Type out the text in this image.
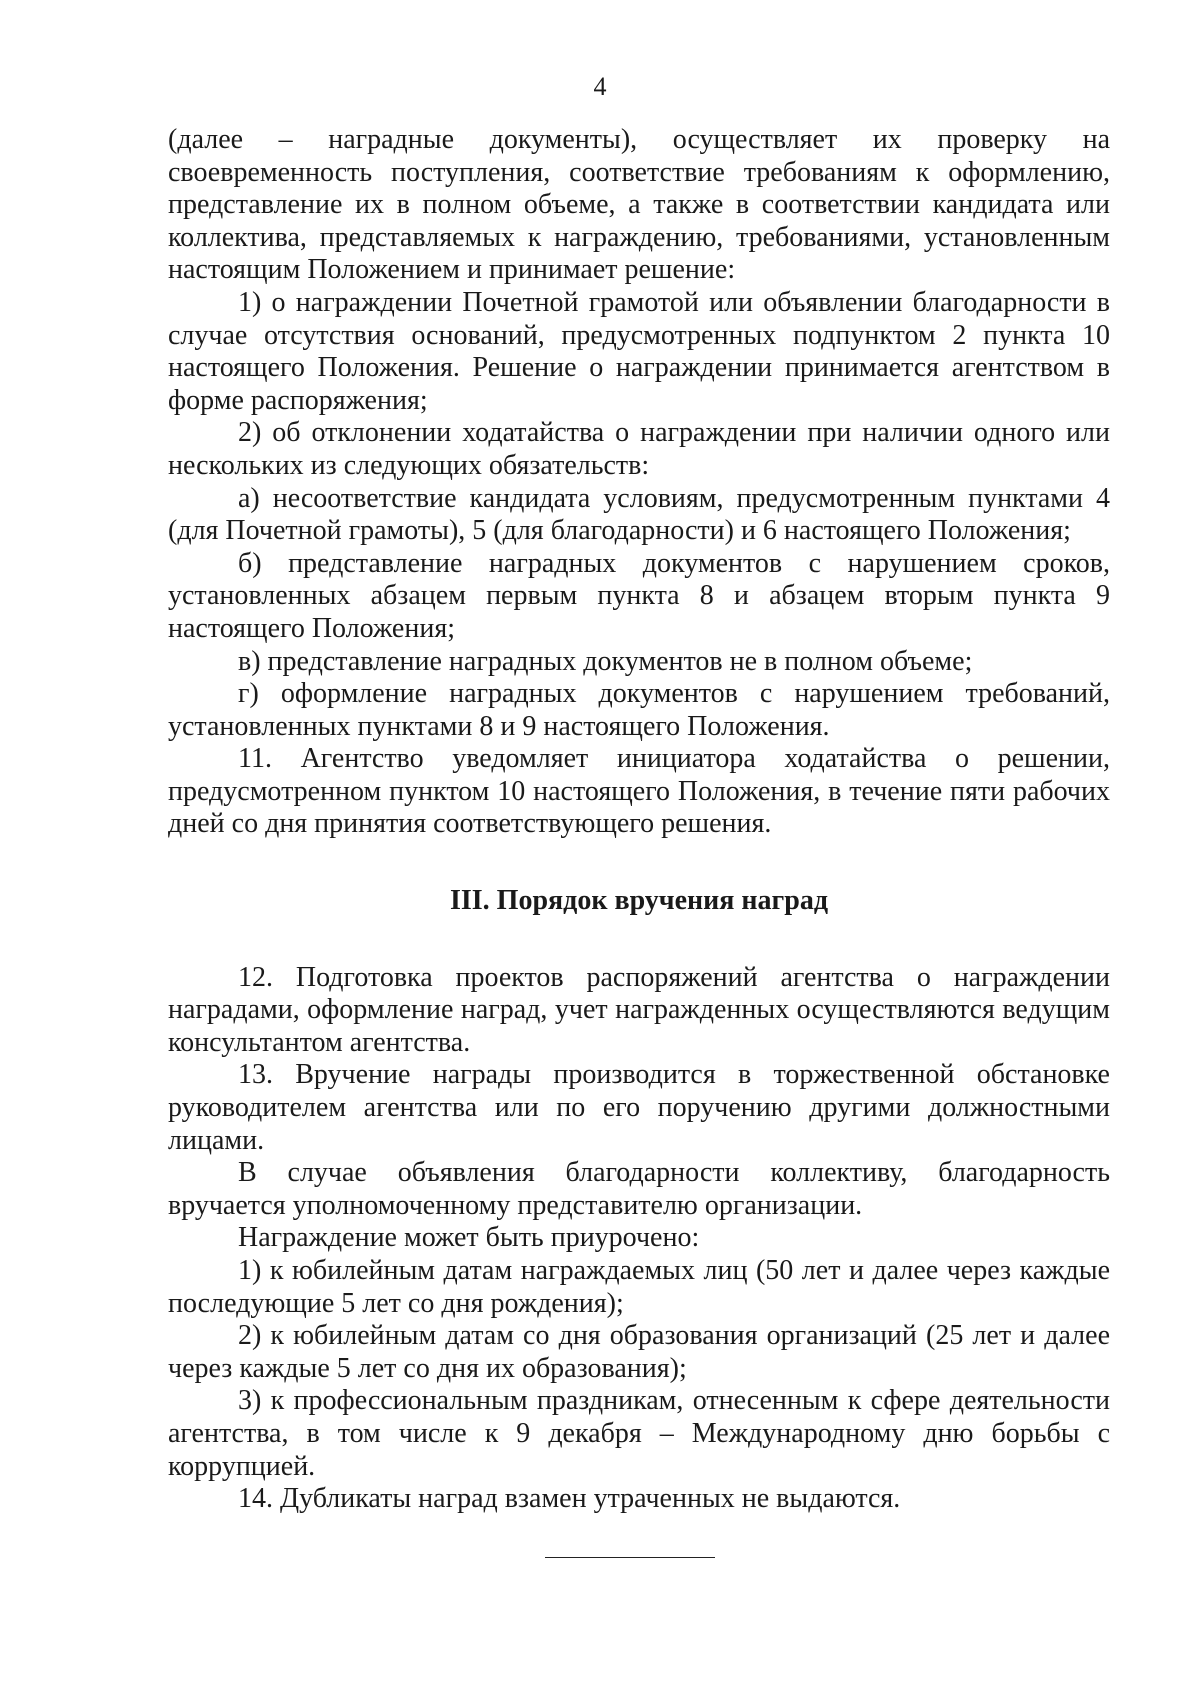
4

(далее – наградные документы), осуществляет их проверку на своевременность поступления, соответствие требованиям к оформлению, представление их в полном объеме, а также в соответствии кандидата или коллектива, представляемых к награждению, требованиями, установленным настоящим Положением и принимает решение:

1) о награждении Почетной грамотой или объявлении благодарности в случае отсутствия оснований, предусмотренных подпунктом 2 пункта 10 настоящего Положения. Решение о награждении принимается агентством в форме распоряжения;

2) об отклонении ходатайства о награждении при наличии одного или нескольких из следующих обязательств:

а) несоответствие кандидата условиям, предусмотренным пунктами 4 (для Почетной грамоты), 5 (для благодарности) и 6 настоящего Положения;

б) представление наградных документов с нарушением сроков, установленных абзацем первым пункта 8 и абзацем вторым пункта 9 настоящего Положения;

в) представление наградных документов не в полном объеме;

г) оформление наградных документов с нарушением требований, установленных пунктами 8 и 9 настоящего Положения.

11. Агентство уведомляет инициатора ходатайства о решении, предусмотренном пунктом 10 настоящего Положения, в течение пяти рабочих дней со дня принятия соответствующего решения.

III. Порядок вручения наград

12. Подготовка проектов распоряжений агентства о награждении наградами, оформление наград, учет награжденных осуществляются ведущим консультантом агентства.

13. Вручение награды производится в торжественной обстановке руководителем агентства или по его поручению другими должностными лицами.

В случае объявления благодарности коллективу, благодарность вручается уполномоченному представителю организации.

Награждение может быть приурочено:

1) к юбилейным датам награждаемых лиц (50 лет и далее через каждые последующие 5 лет со дня рождения);

2) к юбилейным датам со дня образования организаций (25 лет и далее через каждые 5 лет со дня их образования);

3) к профессиональным праздникам, отнесенным к сфере деятельности агентства, в том числе к 9 декабря – Международному дню борьбы с коррупцией.

14. Дубликаты наград взамен утраченных не выдаются.
